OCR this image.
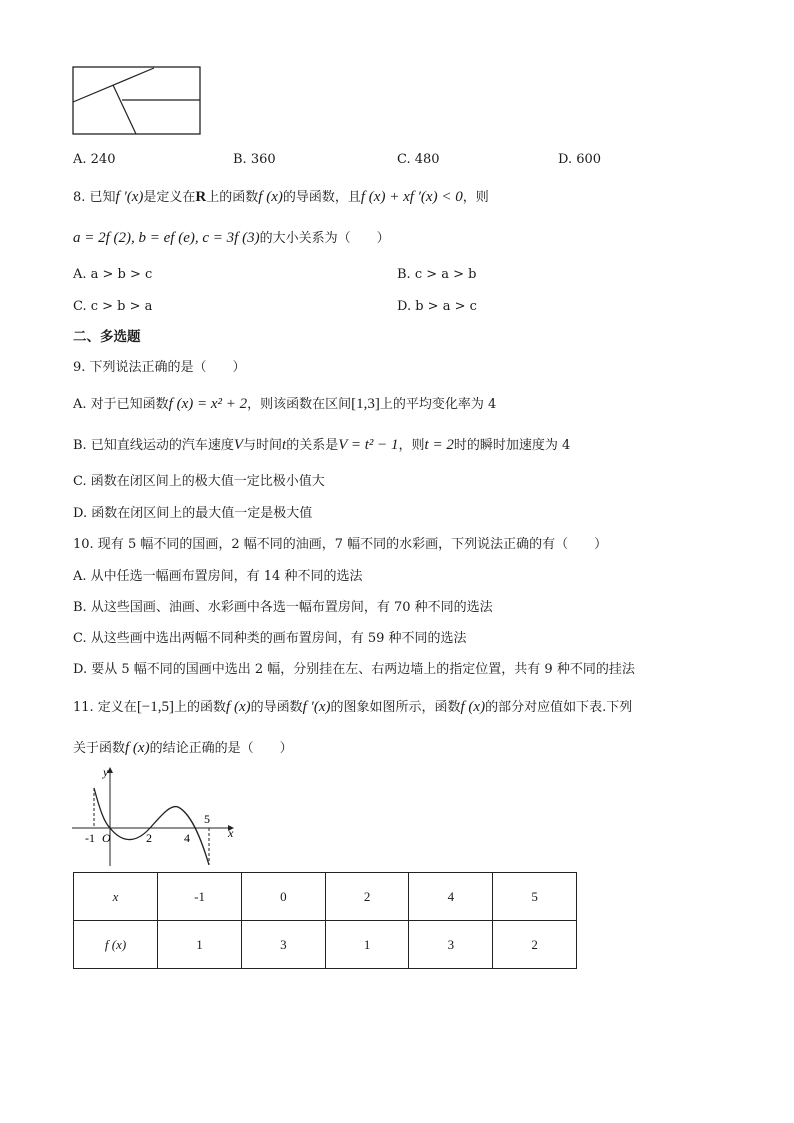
A. 240	B. 360	C. 480	D. 600
8. 已知f ′(x)是定义在R上的函数f (x)的导函数，且f (x) + xf ′(x) < 0，则
a = 2f (2), b = ef (e), c = 3f (3)的大小关系为（　　）
A. a > b > c	B. c > a > b
C. c > b > a	D. b > a > c
二、多选题
9. 下列说法正确的是（　　）
A. 对于已知函数f (x) = x² + 2，则该函数在区间[1,3]上的平均变化率为 4
B. 已知直线运动的汽车速度V与时间t的关系是V = t² − 1，则t = 2时的瞬时加速度为 4
C. 函数在闭区间上的极大值一定比极小值大
D. 函数在闭区间上的最大值一定是极大值
10. 现有 5 幅不同的国画，2 幅不同的油画，7 幅不同的水彩画，下列说法正确的有（　　）
A. 从中任选一幅画布置房间，有 14 种不同的选法
B. 从这些国画、油画、水彩画中各选一幅布置房间，有 70 种不同的选法
C. 从这些画中选出两幅不同种类的画布置房间，有 59 种不同的选法
D. 要从 5 幅不同的国画中选出 2 幅，分别挂在左、右两边墙上的指定位置，共有 9 种不同的挂法
11. 定义在[−1,5]上的函数f (x)的导函数f ′(x)的图象如图所示，函数f (x)的部分对应值如下表.下列
关于函数f (x)的结论正确的是（　　）
y
x
O
-1	2	4
5
x	-1	0	2	4	5
f (x)	1	3	1	3	2
